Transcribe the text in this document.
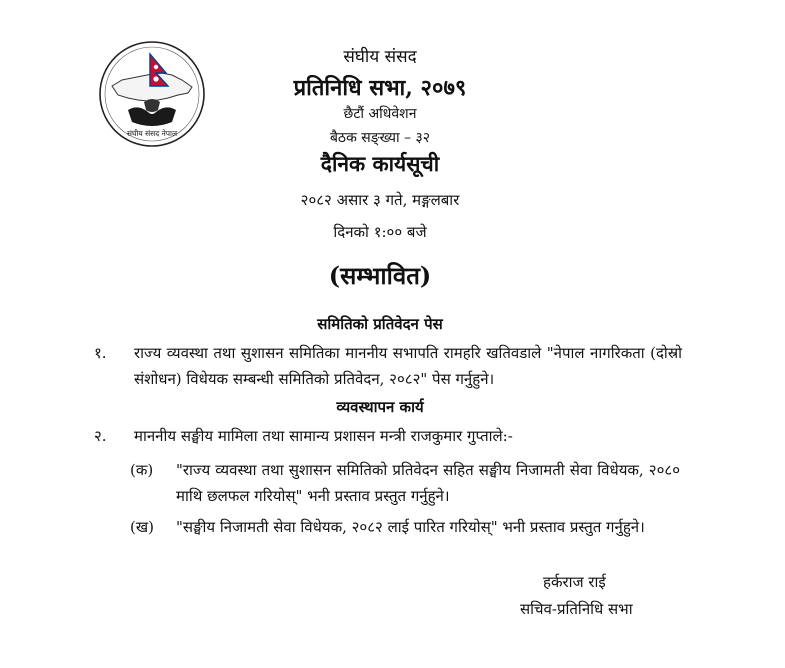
संघीय संसद नेपाल
संघीय संसद
प्रतिनिधि सभा, २०७९
छैटौं अधिवेशन
बैठक सङ्ख्या – ३२
दैनिक कार्यसूची
२०८२ असार ३ गते, मङ्गलबार
दिनको १:०० बजे
(सम्भावित)
समितिको प्रतिवेदन पेस
१. राज्य व्यवस्था तथा सुशासन समितिका माननीय सभापति रामहरि खतिवडाले "नेपाल नागरिकता (दोस्रो संशोधन) विधेयक सम्बन्धी समितिको प्रतिवेदन, २०८२" पेस गर्नुहुने।
व्यवस्थापन कार्य
२. माननीय सङ्घीय मामिला तथा सामान्य प्रशासन मन्त्री राजकुमार गुप्ताले:-
(क) "राज्य व्यवस्था तथा सुशासन समितिको प्रतिवेदन सहित सङ्घीय निजामती सेवा विधेयक, २०८० माथि छलफल गरियोस्" भनी प्रस्ताव प्रस्तुत गर्नुहुने।
(ख) "सङ्घीय निजामती सेवा विधेयक, २०८२ लाई पारित गरियोस्" भनी प्रस्ताव प्रस्तुत गर्नुहुने।
हर्कराज राई
सचिव-प्रतिनिधि सभा
